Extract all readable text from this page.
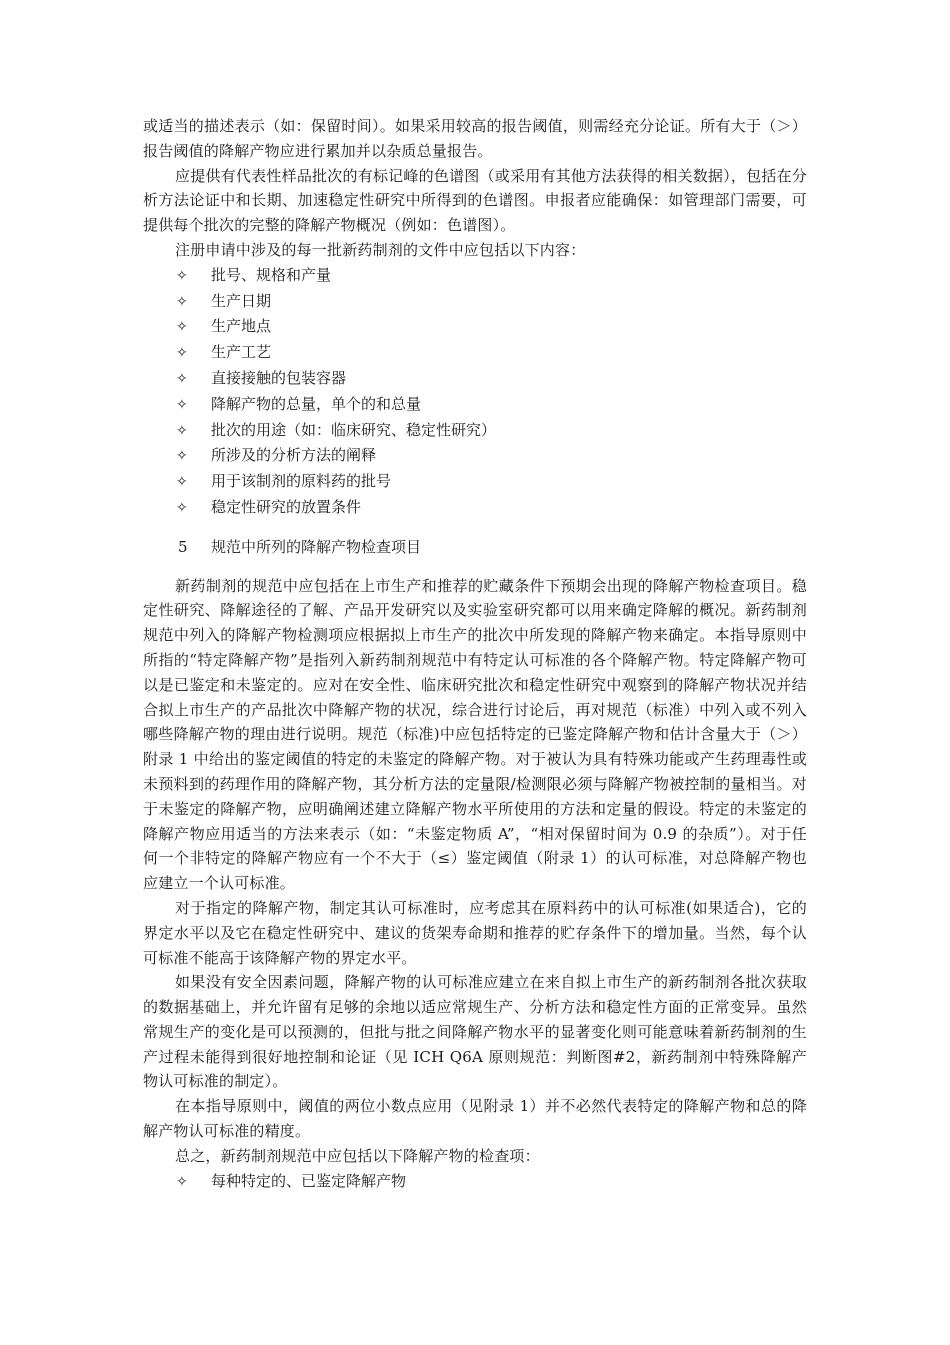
或适当的描述表示（如：保留时间）。如果采用较高的报告阈值，则需经充分论证。所有大于（＞）报告阈值的降解产物应进行累加并以杂质总量报告。

应提供有代表性样品批次的有标记峰的色谱图（或采用有其他方法获得的相关数据），包括在分析方法论证中和长期、加速稳定性研究中所得到的色谱图。申报者应能确保：如管理部门需要，可提供每个批次的完整的降解产物概况（例如：色谱图）。

注册申请中涉及的每一批新药制剂的文件中应包括以下内容：

✧	批号、规格和产量
✧	生产日期
✧	生产地点
✧	生产工艺
✧	直接接触的包装容器
✧	降解产物的总量，单个的和总量
✧	批次的用途（如：临床研究、稳定性研究）
✧	所涉及的分析方法的阐释
✧	用于该制剂的原料药的批号
✧	稳定性研究的放置条件
5	规范中所列的降解产物检查项目

新药制剂的规范中应包括在上市生产和推荐的贮藏条件下预期会出现的降解产物检查项目。稳定性研究、降解途径的了解、产品开发研究以及实验室研究都可以用来确定降解的概况。新药制剂规范中列入的降解产物检测项应根据拟上市生产的批次中所发现的降解产物来确定。本指导原则中所指的“特定降解产物”是指列入新药制剂规范中有特定认可标准的各个降解产物。特定降解产物可以是已鉴定和未鉴定的。应对在安全性、临床研究批次和稳定性研究中观察到的降解产物状况并结合拟上市生产的产品批次中降解产物的状况，综合进行讨论后，再对规范（标准）中列入或不列入哪些降解产物的理由进行说明。规范（标准)中应包括特定的已鉴定降解产物和估计含量大于（＞）附录 1 中给出的鉴定阈值的特定的未鉴定的降解产物。对于被认为具有特殊功能或产生药理毒性或未预料到的药理作用的降解产物，其分析方法的定量限/检测限必须与降解产物被控制的量相当。对于未鉴定的降解产物，应明确阐述建立降解产物水平所使用的方法和定量的假设。特定的未鉴定的降解产物应用适当的方法来表示（如：“未鉴定物质 A”，“相对保留时间为 0.9 的杂质”）。对于任何一个非特定的降解产物应有一个不大于（≤）鉴定阈值（附录 1）的认可标准，对总降解产物也应建立一个认可标准。

对于指定的降解产物，制定其认可标准时，应考虑其在原料药中的认可标准(如果适合)，它的界定水平以及它在稳定性研究中、建议的货架寿命期和推荐的贮存条件下的增加量。当然，每个认可标准不能高于该降解产物的界定水平。

如果没有安全因素问题，降解产物的认可标准应建立在来自拟上市生产的新药制剂各批次获取的数据基础上，并允许留有足够的余地以适应常规生产、分析方法和稳定性方面的正常变异。虽然常规生产的变化是可以预测的，但批与批之间降解产物水平的显著变化则可能意味着新药制剂的生产过程未能得到很好地控制和论证（见 ICH Q6A 原则规范：判断图#2，新药制剂中特殊降解产物认可标准的制定）。

在本指导原则中，阈值的两位小数点应用（见附录 1）并不必然代表特定的降解产物和总的降解产物认可标准的精度。

总之，新药制剂规范中应包括以下降解产物的检查项：

✧	每种特定的、已鉴定降解产物
